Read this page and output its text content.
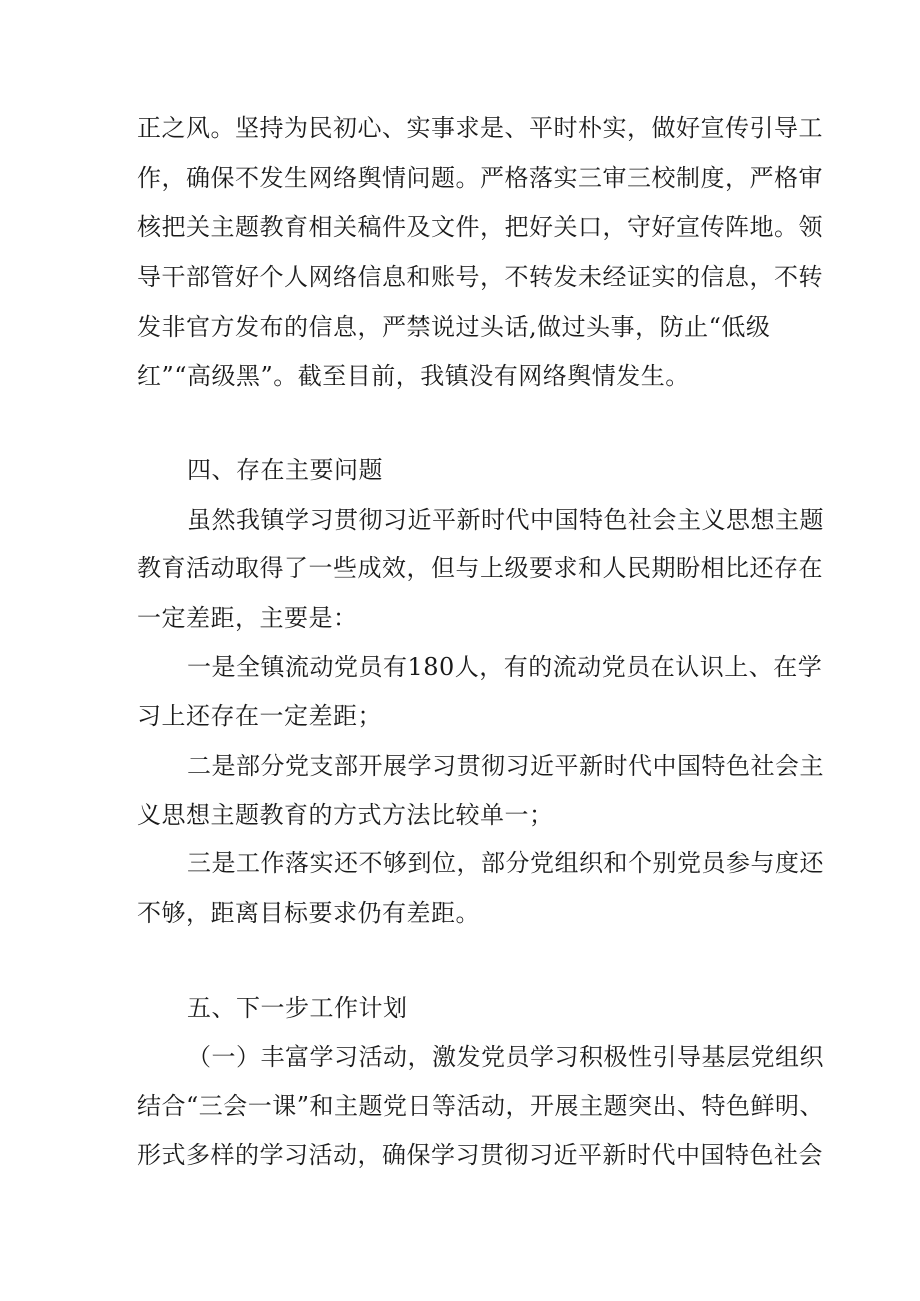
正之风。坚持为民初心、实事求是、平时朴实，做好宣传引导工
作，确保不发生网络舆情问题。严格落实三审三校制度，严格审
核把关主题教育相关稿件及文件，把好关口，守好宣传阵地。领
导干部管好个人网络信息和账号，不转发未经证实的信息，不转
发非官方发布的信息，严禁说过头话,做过头事，防止“低级
红”“高级黑”。截至目前，我镇没有网络舆情发生。
四、存在主要问题
虽然我镇学习贯彻习近平新时代中国特色社会主义思想主题
教育活动取得了一些成效，但与上级要求和人民期盼相比还存在
一定差距，主要是：
一是全镇流动党员有180人，有的流动党员在认识上、在学
习上还存在一定差距；
二是部分党支部开展学习贯彻习近平新时代中国特色社会主
义思想主题教育的方式方法比较单一；
三是工作落实还不够到位，部分党组织和个别党员参与度还
不够，距离目标要求仍有差距。
五、下一步工作计划
（一）丰富学习活动，激发党员学习积极性引导基层党组织
结合“三会一课”和主题党日等活动，开展主题突出、特色鲜明、
形式多样的学习活动，确保学习贯彻习近平新时代中国特色社会
